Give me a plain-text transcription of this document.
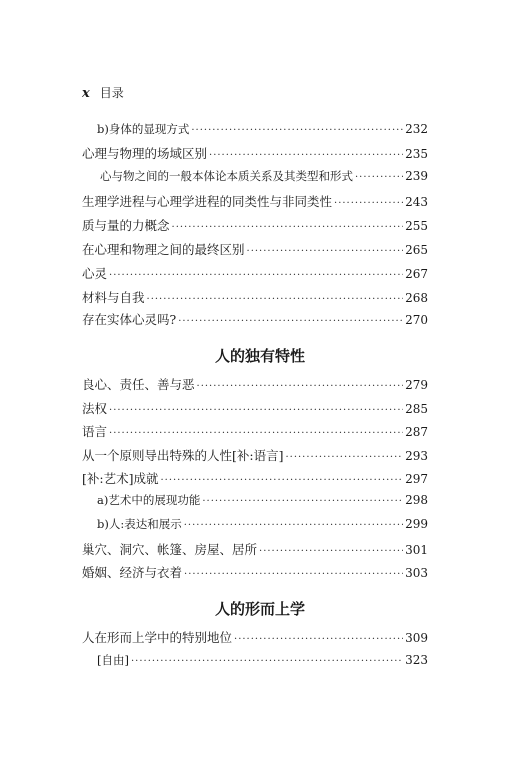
x 目录
b)身体的显现方式 ·····	232
心理与物理的场域区别 ·····	235
心与物之间的一般本体论本质关系及其类型和形式 ·····	239
生理学进程与心理学进程的同类性与非同类性 ·····	243
质与量的力概念 ·····	255
在心理和物理之间的最终区别 ·····	265
心灵 ·····	267
材料与自我 ·····	268
存在实体心灵吗? ·····	270
人的独有特性
良心、责任、善与恶 ·····	279
法权 ·····	285
语言 ·····	287
从一个原则导出特殊的人性[补:语言] ·····	293
[补:艺术]成就 ·····	297
a)艺术中的展现功能 ·····	298
b)人:表达和展示 ·····	299
巢穴、洞穴、帐篷、房屋、居所 ·····	301
婚姻、经济与衣着 ·····	303
人的形而上学
人在形而上学中的特别地位 ·····	309
[自由] ·····	323
